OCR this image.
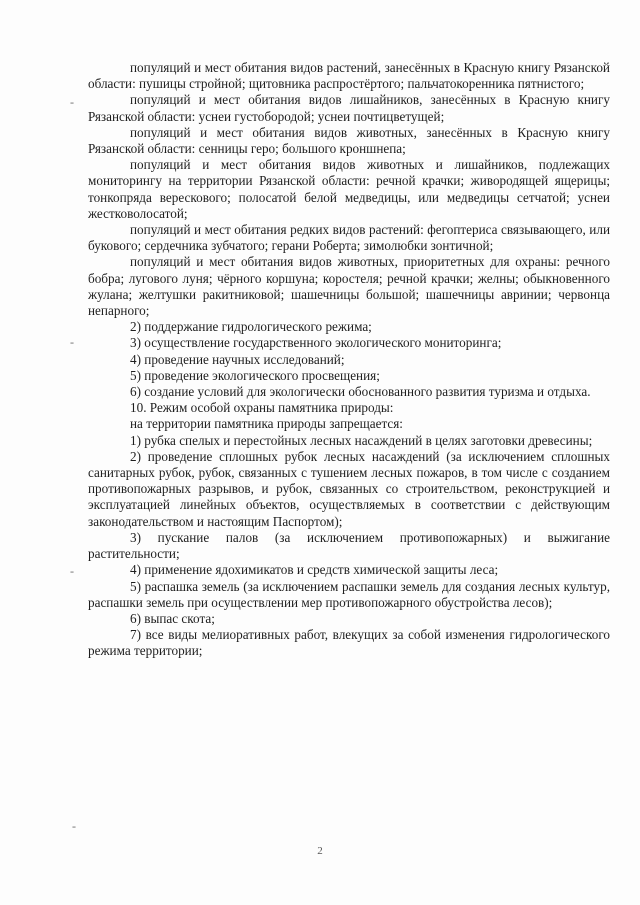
-
-
-
-

популяций и мест обитания видов растений, занесённых в Красную книгу Рязанской области: пушицы стройной; щитовника распростёртого; пальчатокоренника пятнистого;

популяций и мест обитания видов лишайников, занесённых в Красную книгу Рязанской области: уснеи густобородой; уснеи почтицветущей;

популяций и мест обитания видов животных, занесённых в Красную книгу Рязанской области: сенницы геро; большого кроншнепа;

популяций и мест обитания видов животных и лишайников, подлежащих мониторингу на территории Рязанской области: речной крачки; живородящей ящерицы; тонкопряда верескового; полосатой белой медведицы, или медведицы сетчатой; уснеи жестковолосатой;

популяций и мест обитания редких видов растений: фегоптериса связывающего, или букового; сердечника зубчатого; герани Роберта; зимолюбки зонтичной;

популяций и мест обитания видов животных, приоритетных для охраны: речного бобра; лугового луня; чёрного коршуна; коростеля; речной крачки; желны; обыкновенного жулана; желтушки ракитниковой; шашечницы большой; шашечницы авринии; червонца непарного;

2) поддержание гидрологического режима;

3) осуществление государственного экологического мониторинга;

4) проведение научных исследований;

5) проведение экологического просвещения;

6) создание условий для экологически обоснованного развития туризма и отдыха.

10. Режим особой охраны памятника природы:

на территории памятника природы запрещается:

1) рубка спелых и перестойных лесных насаждений в целях заготовки древесины;

2) проведение сплошных рубок лесных насаждений (за исключением сплошных санитарных рубок, рубок, связанных с тушением лесных пожаров, в том числе с созданием противопожарных разрывов, и рубок, связанных со строительством, реконструкцией и эксплуатацией линейных объектов, осуществляемых в соответствии с действующим законодательством и настоящим Паспортом);

3) пускание палов (за исключением противопожарных) и выжигание растительности;

4) применение ядохимикатов и средств химической защиты леса;

5) распашка земель (за исключением распашки земель для создания лесных культур, распашки земель при осуществлении мер противопожарного обустройства лесов);

6) выпас скота;

7) все виды мелиоративных работ, влекущих за собой изменения гидрологического режима территории;

2
